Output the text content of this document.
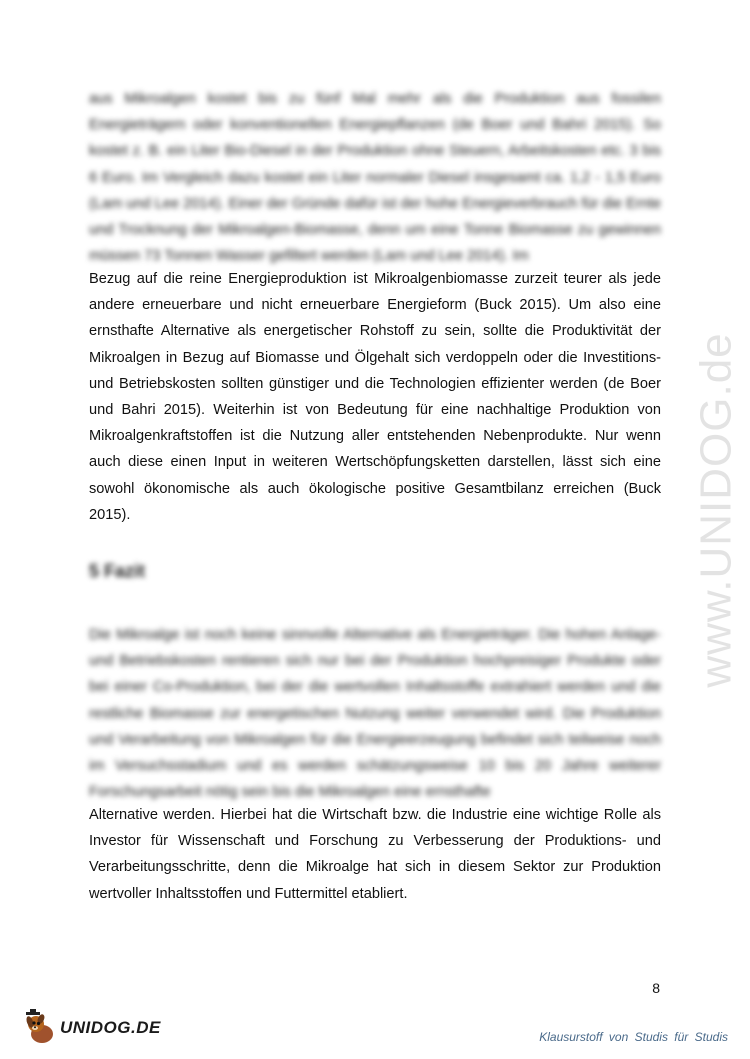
www.UNIDOG.de

aus Mikroalgen kostet bis zu fünf Mal mehr als die Produktion aus fossilen Energieträgern oder konventionellen Energiepflanzen (de Boer und Bahri 2015). So kostet z. B. ein Liter Bio-Diesel in der Produktion ohne Steuern, Arbeitskosten etc. 3 bis 6 Euro. Im Vergleich dazu kostet ein Liter normaler Diesel insgesamt ca. 1,2 - 1,5 Euro (Lam und Lee 2014). Einer der Gründe dafür ist der hohe Energieverbrauch für die Ernte und Trocknung der Mikroalgen-Biomasse, denn um eine Tonne Biomasse zu gewinnen müssen 73 Tonnen Wasser gefiltert werden (Lam und Lee 2014). Im

Bezug auf die reine Energieproduktion ist Mikroalgenbiomasse zurzeit teurer als jede andere erneuerbare und nicht erneuerbare Energieform (Buck 2015). Um also eine ernsthafte Alternative als energetischer Rohstoff zu sein, sollte die Produktivität der Mikroalgen in Bezug auf Biomasse und Ölgehalt sich verdoppeln oder die Investitions- und Betriebskosten sollten günstiger und die Technologien effizienter werden (de Boer und Bahri 2015). Weiterhin ist von Bedeutung für eine nachhaltige Produktion von Mikroalgenkraftstoffen ist die Nutzung aller entstehenden Nebenprodukte. Nur wenn auch diese einen Input in weiteren Wertschöpfungsketten darstellen, lässt sich eine sowohl ökonomische als auch ökologische positive Gesamtbilanz erreichen (Buck 2015).

5 Fazit

Die Mikroalge ist noch keine sinnvolle Alternative als Energieträger. Die hohen Anlage- und Betriebskosten rentieren sich nur bei der Produktion hochpreisiger Produkte oder bei einer Co-Produktion, bei der die wertvollen Inhaltsstoffe extrahiert werden und die restliche Biomasse zur energetischen Nutzung weiter verwendet wird. Die Produktion und Verarbeitung von Mikroalgen für die Energieerzeugung befindet sich teilweise noch im Versuchsstadium und es werden schätzungsweise 10 bis 20 Jahre weiterer Forschungsarbeit nötig sein bis die Mikroalgen eine ernsthafte

Alternative werden. Hierbei hat die Wirtschaft bzw. die Industrie eine wichtige Rolle als Investor für Wissenschaft und Forschung zu Verbesserung der Produktions- und Verarbeitungsschritte, denn die Mikroalge hat sich in diesem Sektor zur Produktion wertvoller Inhaltsstoffen und Futtermittel etabliert.

8
UNIDOG.DE	Klausurstoff von Studis für Studis
